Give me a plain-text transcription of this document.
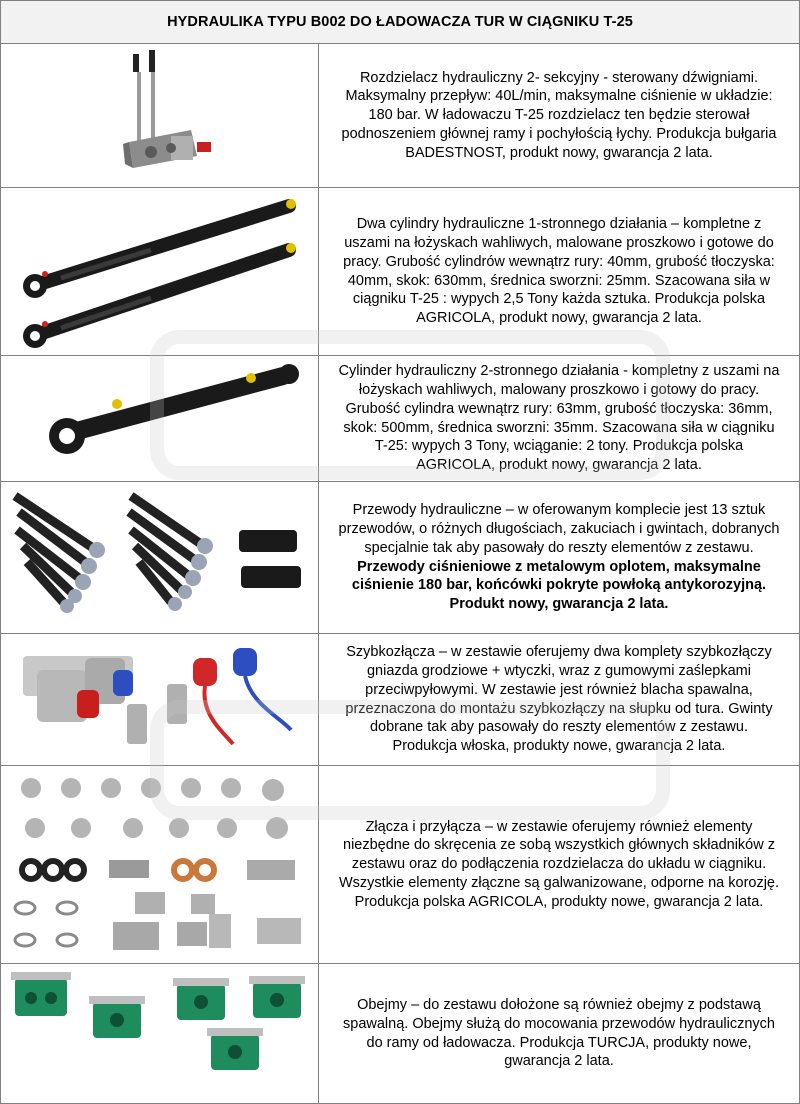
HYDRAULIKA TYPU B002 DO ŁADOWACZA TUR W CIĄGNIKU T-25

Rozdzielacz hydrauliczny 2- sekcyjny - sterowany dźwigniami.
Maksymalny przepływ: 40L/min, maksymalne ciśnienie w układzie:
180 bar. W ładowaczu T-25 rozdzielacz ten będzie sterował
podnoszeniem głównej ramy i pochyłością łychy. Produkcja bułgaria
BADESTNOST, produkt nowy, gwarancja 2 lata.

Dwa cylindry hydrauliczne 1-stronnego działania – kompletne z
uszami na łożyskach wahliwych, malowane proszkowo i gotowe do
pracy. Grubość cylindrów wewnątrz rury: 40mm, grubość tłoczyska:
40mm, skok: 630mm, średnica sworzni: 25mm. Szacowana siła w
ciągniku T-25 : wypych 2,5 Tony każda sztuka. Produkcja polska
AGRICOLA, produkt nowy, gwarancja 2 lata.

Cylinder hydrauliczny 2-stronnego działania - kompletny z uszami na
łożyskach wahliwych, malowany proszkowo i gotowy do pracy.
Grubość cylindra wewnątrz rury: 63mm, grubość tłoczyska: 36mm,
skok: 500mm, średnica sworzni: 35mm. Szacowana siła w ciągniku
T-25: wypych 3 Tony, wciąganie: 2 tony. Produkcja polska
AGRICOLA, produkt nowy, gwarancja 2 lata.

Przewody hydrauliczne – w oferowanym komplecie jest 13 sztuk
przewodów, o różnych długościach, zakuciach i gwintach, dobranych
specjalnie tak aby pasowały do reszty elementów z zestawu.

Przewody ciśnieniowe z metalowym oplotem, maksymalne
ciśnienie 180 bar, końcówki pokryte powłoką antykorozyjną.
Produkt nowy, gwarancja 2 lata.

Szybkozłącza – w zestawie oferujemy dwa komplety szybkozłączy
gniazda grodziowe + wtyczki, wraz z gumowymi zaślepkami
przeciwpyłowymi. W zestawie jest również blacha spawalna,
przeznaczona do montażu szybkozłączy na słupku od tura. Gwinty
dobrane tak aby pasowały do reszty elementów z zestawu.
Produkcja włoska, produkty nowe, gwarancja 2 lata.

Złącza i przyłącza – w zestawie oferujemy również elementy
niezbędne do skręcenia ze sobą wszystkich głównych składników z
zestawu oraz do podłączenia rozdzielacza do układu w ciągniku.
Wszystkie elementy złączne są galwanizowane, odporne na korozję.
Produkcja polska AGRICOLA, produkty nowe, gwarancja 2 lata.

Obejmy – do zestawu dołożone są również obejmy z podstawą
spawalną. Obejmy służą do mocowania przewodów hydraulicznych
do ramy od ładowacza. Produkcja TURCJA, produkty nowe,
gwarancja 2 lata.
